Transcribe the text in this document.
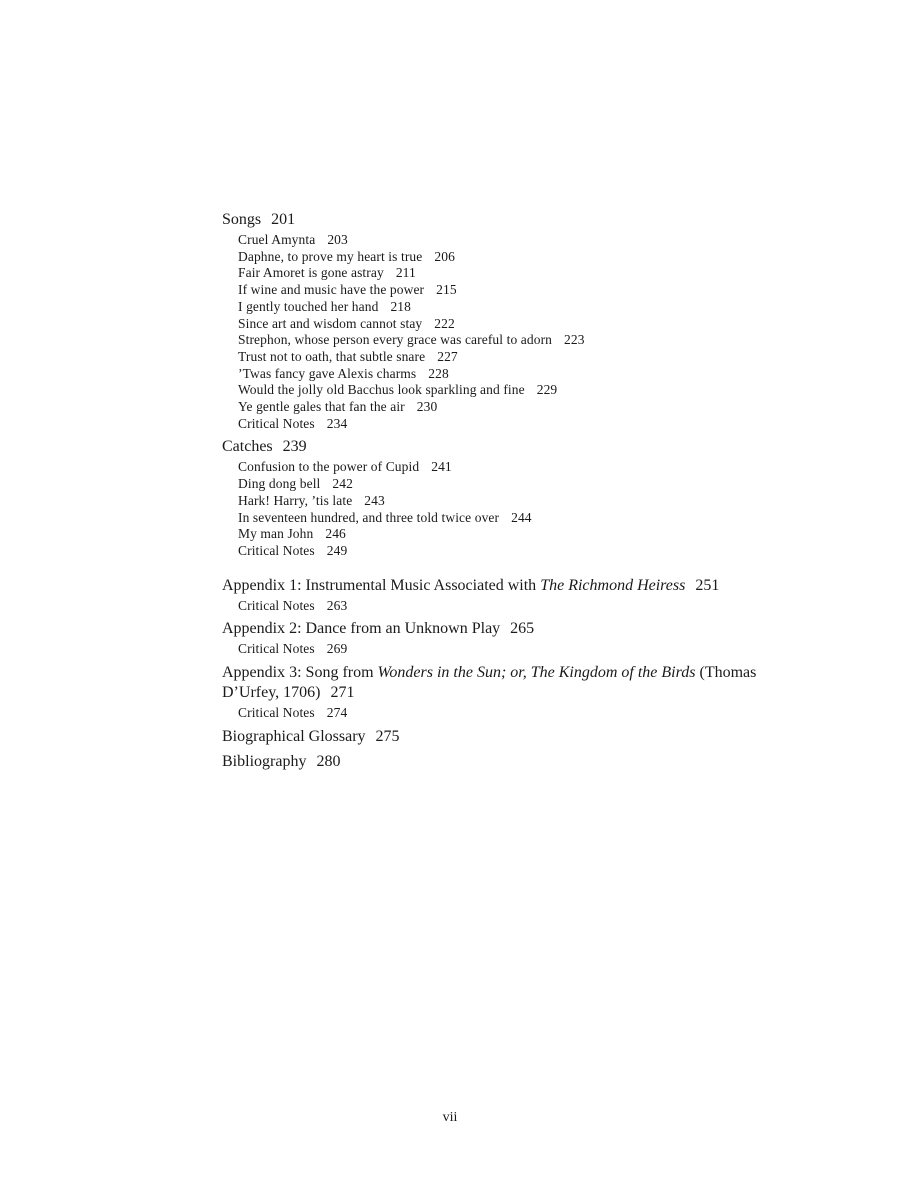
Songs 201
Cruel Amynta 203
Daphne, to prove my heart is true 206
Fair Amoret is gone astray 211
If wine and music have the power 215
I gently touched her hand 218
Since art and wisdom cannot stay 222
Strephon, whose person every grace was careful to adorn 223
Trust not to oath, that subtle snare 227
’Twas fancy gave Alexis charms 228
Would the jolly old Bacchus look sparkling and fine 229
Ye gentle gales that fan the air 230
Critical Notes 234
Catches 239
Confusion to the power of Cupid 241
Ding dong bell 242
Hark! Harry, ’tis late 243
In seventeen hundred, and three told twice over 244
My man John 246
Critical Notes 249
Appendix 1: Instrumental Music Associated with The Richmond Heiress 251
Critical Notes 263
Appendix 2: Dance from an Unknown Play 265
Critical Notes 269
Appendix 3: Song from Wonders in the Sun; or, The Kingdom of the Birds (Thomas D’Urfey, 1706) 271
Critical Notes 274
Biographical Glossary 275
Bibliography 280
vii
